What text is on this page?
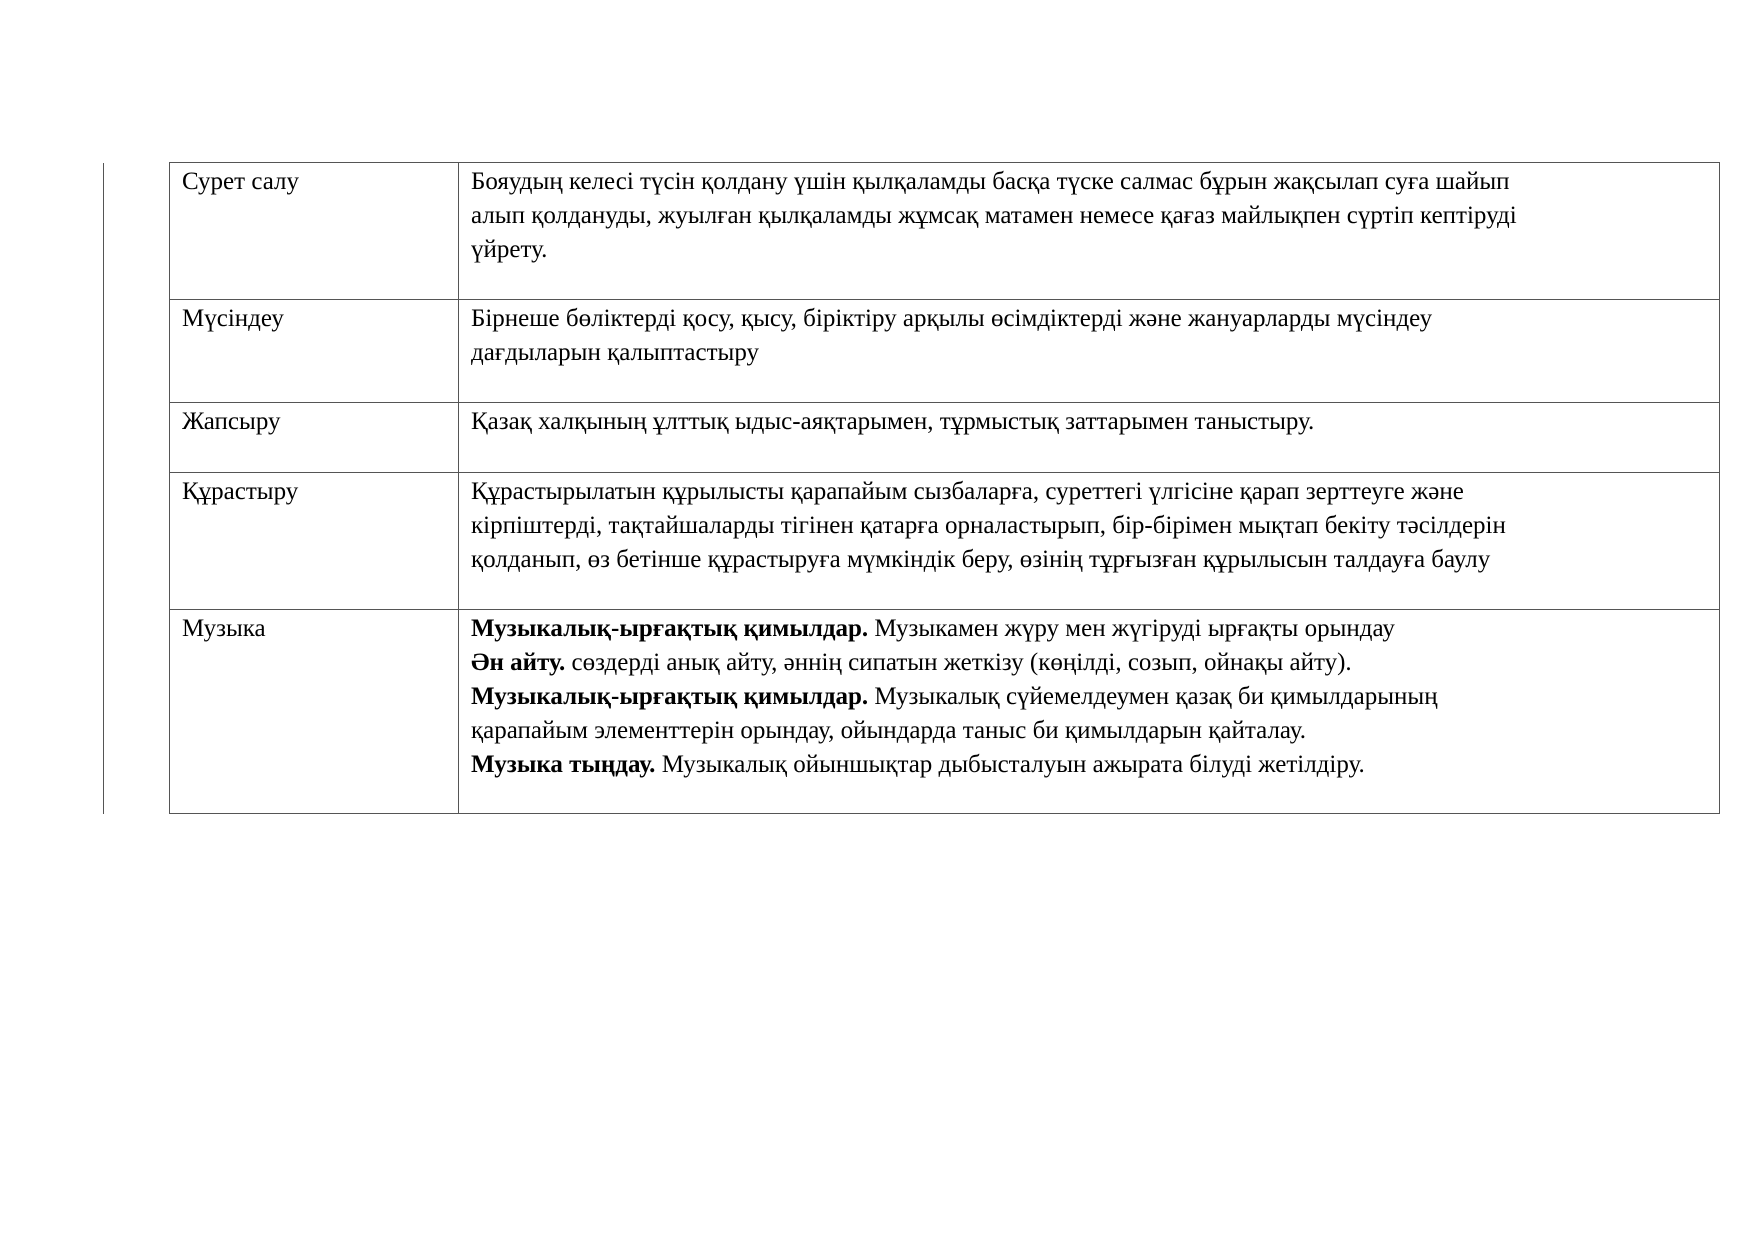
	Сурет салу	Бояудың келесі түсін қолдану үшін қылқаламды басқа түске салмас бұрын жақсылап суға шайып
алып қолдануды, жуылған қылқаламды жұмсақ матамен немесе қағаз майлықпен сүртіп кептіруді
үйрету.

	Мүсіндеу	Бірнеше бөліктерді қосу, қысу, біріктіру арқылы өсімдіктерді және жануарларды мүсіндеу
дағдыларын қалыптастыру

	Жапсыру	Қазақ халқының ұлттық ыдыс-аяқтарымен, тұрмыстық заттарымен таныстыру.

	Құрастыру	Құрастырылатын құрылысты қарапайым сызбаларға, суреттегі үлгісіне қарап зерттеуге және
кірпіштерді, тақтайшаларды тігінен қатарға орналастырып, бір-бірімен мықтап бекіту тәсілдерін
қолданып, өз бетінше құрастыруға мүмкіндік беру, өзінің тұрғызған құрылысын талдауға баулу

	Музыка	Музыкалық-ырғақтық қимылдар. Музыкамен жүру мен жүгіруді ырғақты орындау
Ән айту. сөздерді анық айту, әннің сипатын жеткізу (көңілді, созып, ойнақы айту).
Музыкалық-ырғақтық қимылдар. Музыкалық сүйемелдеумен қазақ би қимылдарының
қарапайым элементтерін орындау, ойындарда таныс би қимылдарын қайталау.
Музыка тыңдау. Музыкалық ойыншықтар дыбысталуын ажырата білуді жетілдіру.
